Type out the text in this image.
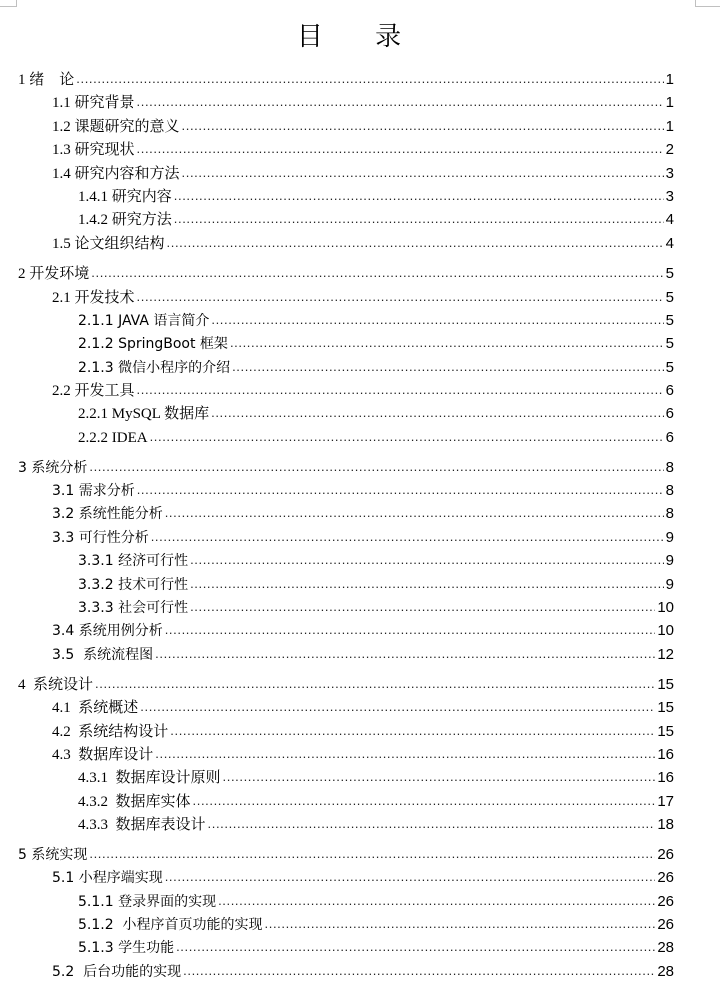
目 录
1 绪    论 .....	1
1.1 研究背景 .....	1
1.2 课题研究的意义 .....	1
1.3 研究现状 .....	2
1.4 研究内容和方法 .....	3
1.4.1 研究内容 .....	3
1.4.2 研究方法 .....	4
1.5 论文组织结构 .....	4
2 开发环境 .....	5
2.1 开发技术 .....	5
2.1.1 JAVA 语言简介 .....	5
2.1.2 SpringBoot 框架 .....	5
2.1.3 微信小程序的介绍 .....	5
2.2 开发工具 .....	6
2.2.1 MySQL 数据库 .....	6
2.2.2 IDEA .....	6
3 系统分析 .....	8
3.1 需求分析 .....	8
3.2 系统性能分析 .....	8
3.3 可行性分析 .....	9
3.3.1 经济可行性 .....	9
3.3.2 技术可行性 .....	9
3.3.3 社会可行性 .....	10
3.4 系统用例分析 .....	10
3.5  系统流程图 .....	12
4  系统设计 .....	15
4.1  系统概述 .....	15
4.2  系统结构设计 .....	15
4.3  数据库设计 .....	16
4.3.1  数据库设计原则 .....	16
4.3.2  数据库实体 .....	17
4.3.3  数据库表设计 .....	18
5 系统实现 .....	26
5.1 小程序端实现 .....	26
5.1.1 登录界面的实现 .....	26
5.1.2  小程序首页功能的实现 .....	26
5.1.3 学生功能 .....	28
5.2  后台功能的实现 .....	28
